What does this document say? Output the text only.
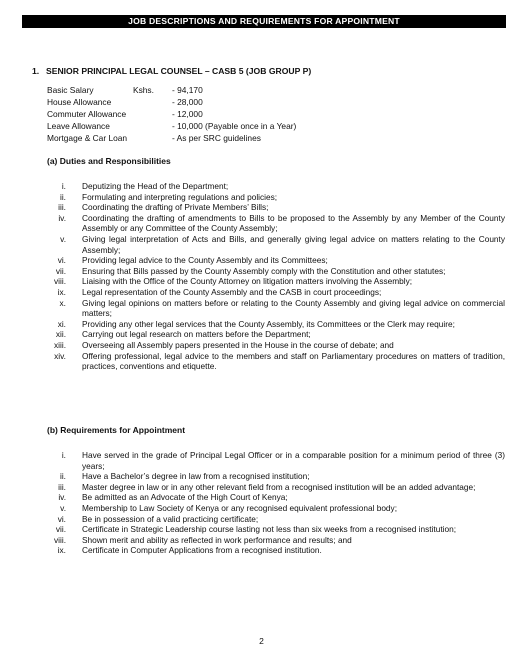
JOB DESCRIPTIONS AND REQUIREMENTS FOR APPOINTMENT
1. SENIOR PRINCIPAL LEGAL COUNSEL – CASB 5 (JOB GROUP P)
Basic Salary	Kshs. - 94,170
House Allowance	- 28,000
Commuter Allowance	- 12,000
Leave Allowance	- 10,000 (Payable once in a Year)
Mortgage & Car Loan	- As per SRC guidelines
(a) Duties and Responsibilities
i. Deputizing the Head of the Department;
ii. Formulating and interpreting regulations and policies;
iii. Coordinating the drafting of Private Members’ Bills;
iv. Coordinating the drafting of amendments to Bills to be proposed to the Assembly by any Member of the County Assembly or any Committee of the County Assembly;
v. Giving legal interpretation of Acts and Bills, and generally giving legal advice on matters relating to the County Assembly;
vi. Providing legal advice to the County Assembly and its Committees;
vii. Ensuring that Bills passed by the County Assembly comply with the Constitution and other statutes;
viii. Liaising with the Office of the County Attorney on litigation matters involving the Assembly;
ix. Legal representation of the County Assembly and the CASB in court proceedings;
x. Giving legal opinions on matters before or relating to the County Assembly and giving legal advice on commercial matters;
xi. Providing any other legal services that the County Assembly, its Committees or the Clerk may require;
xii. Carrying out legal research on matters before the Department;
xiii. Overseeing all Assembly papers presented in the House in the course of debate; and
xiv. Offering professional, legal advice to the members and staff on Parliamentary procedures on matters of tradition, practices, conventions and etiquette.
(b) Requirements for Appointment
i. Have served in the grade of Principal Legal Officer or in a comparable position for a minimum period of three (3) years;
ii. Have a Bachelor’s degree in law from a recognised institution;
iii. Master degree in law or in any other relevant field from a recognised institution will be an added advantage;
iv. Be admitted as an Advocate of the High Court of Kenya;
v. Membership to Law Society of Kenya or any recognised equivalent professional body;
vi. Be in possession of a valid practicing certificate;
vii. Certificate in Strategic Leadership course lasting not less than six weeks from a recognised institution;
viii. Shown merit and ability as reflected in work performance and results; and
ix. Certificate in Computer Applications from a recognised institution.
2
